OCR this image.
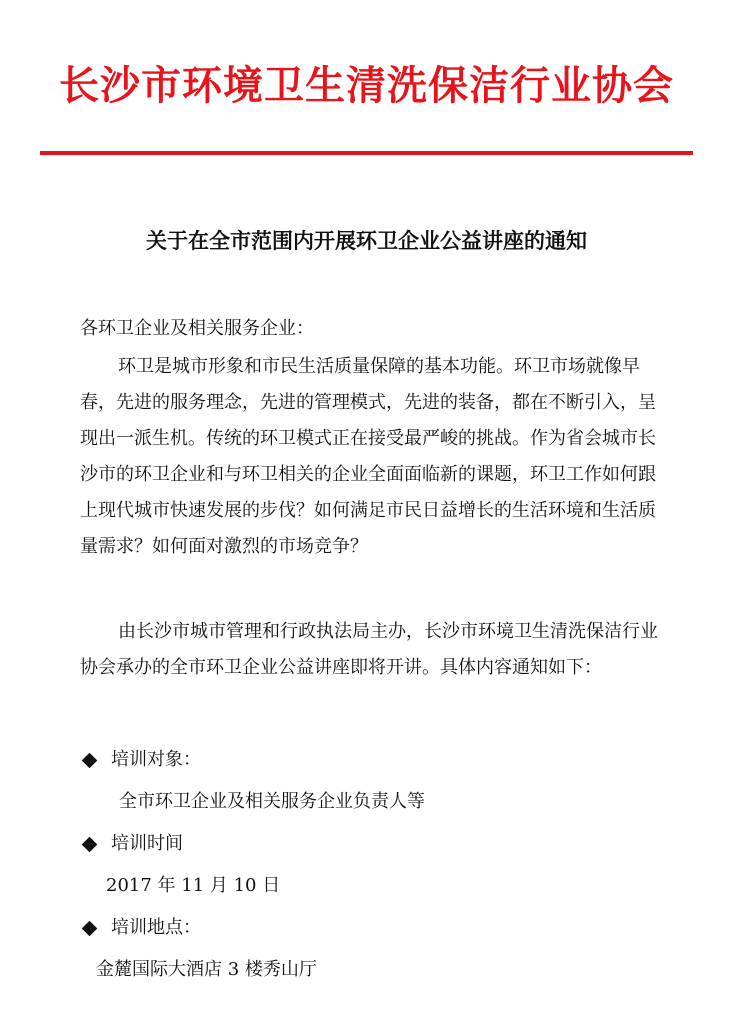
长沙市环境卫生清洗保洁行业协会
关于在全市范围内开展环卫企业公益讲座的通知

各环卫企业及相关服务企业：

环卫是城市形象和市民生活质量保障的基本功能。环卫市场就像早春，先进的服务理念，先进的管理模式，先进的装备，都在不断引入，呈现出一派生机。传统的环卫模式正在接受最严峻的挑战。作为省会城市长沙市的环卫企业和与环卫相关的企业全面面临新的课题，环卫工作如何跟上现代城市快速发展的步伐？如何满足市民日益增长的生活环境和生活质量需求？如何面对激烈的市场竞争？

由长沙市城市管理和行政执法局主办，长沙市环境卫生清洗保洁行业协会承办的全市环卫企业公益讲座即将开讲。具体内容通知如下：

培训对象：
全市环卫企业及相关服务企业负责人等
培训时间
2017 年 11 月 10 日
培训地点：
金麓国际大酒店 3 楼秀山厅
